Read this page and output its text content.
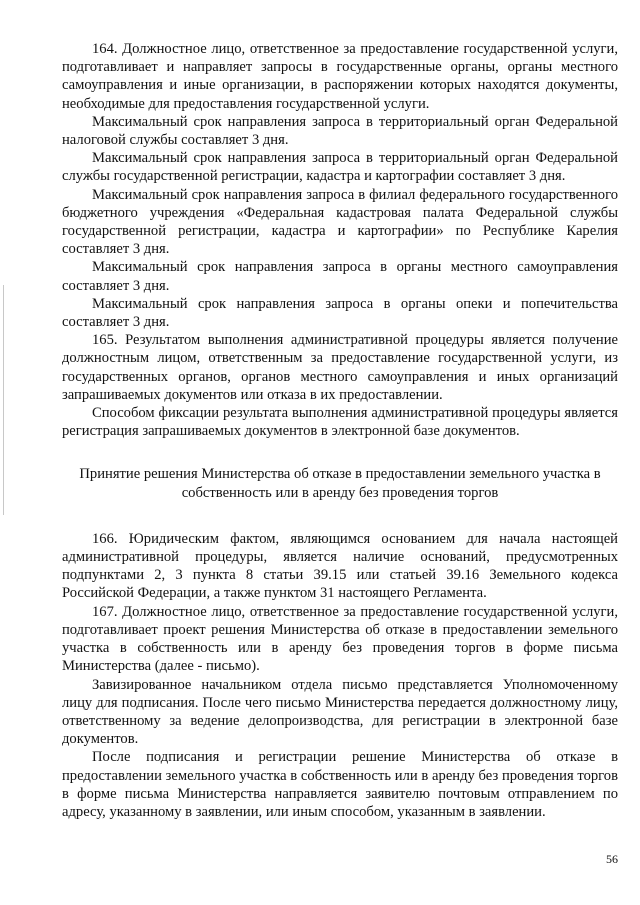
164. Должностное лицо, ответственное за предоставление государственной услуги, подготавливает и направляет запросы в государственные органы, органы местного самоуправления и иные организации, в распоряжении которых находятся документы, необходимые для предоставления государственной услуги.

Максимальный срок направления запроса в территориальный орган Федеральной налоговой службы составляет 3 дня.

Максимальный срок направления запроса в территориальный орган Федеральной службы государственной регистрации, кадастра и картографии составляет 3 дня.

Максимальный срок направления запроса в филиал федерального государственного бюджетного учреждения «Федеральная кадастровая палата Федеральной службы государственной регистрации, кадастра и картографии» по Республике Карелия составляет 3 дня.

Максимальный срок направления запроса в органы местного самоуправления составляет 3 дня.

Максимальный срок направления запроса в органы опеки и попечительства составляет 3 дня.

165. Результатом выполнения административной процедуры является получение должностным лицом, ответственным за предоставление государственной услуги, из государственных органов, органов местного самоуправления и иных организаций запрашиваемых документов или отказа в их предоставлении.

Способом фиксации результата выполнения административной процедуры является регистрация запрашиваемых документов в электронной базе документов.

Принятие решения Министерства об отказе в предоставлении земельного участка в собственность или в аренду без проведения торгов

166. Юридическим фактом, являющимся основанием для начала настоящей административной процедуры, является наличие оснований, предусмотренных подпунктами 2, 3 пункта 8 статьи 39.15 или статьей 39.16 Земельного кодекса Российской Федерации, а также пунктом 31 настоящего Регламента.

167. Должностное лицо, ответственное за предоставление государственной услуги, подготавливает проект решения Министерства об отказе в предоставлении земельного участка в собственность или в аренду без проведения торгов в форме письма Министерства (далее - письмо).

Завизированное начальником отдела письмо представляется Уполномоченному лицу для подписания. После чего письмо Министерства передается должностному лицу, ответственному за ведение делопроизводства, для регистрации в электронной базе документов.

После подписания и регистрации решение Министерства об отказе в предоставлении земельного участка в собственность или в аренду без проведения торгов в форме письма Министерства направляется заявителю почтовым отправлением по адресу, указанному в заявлении, или иным способом, указанным в заявлении.

56
